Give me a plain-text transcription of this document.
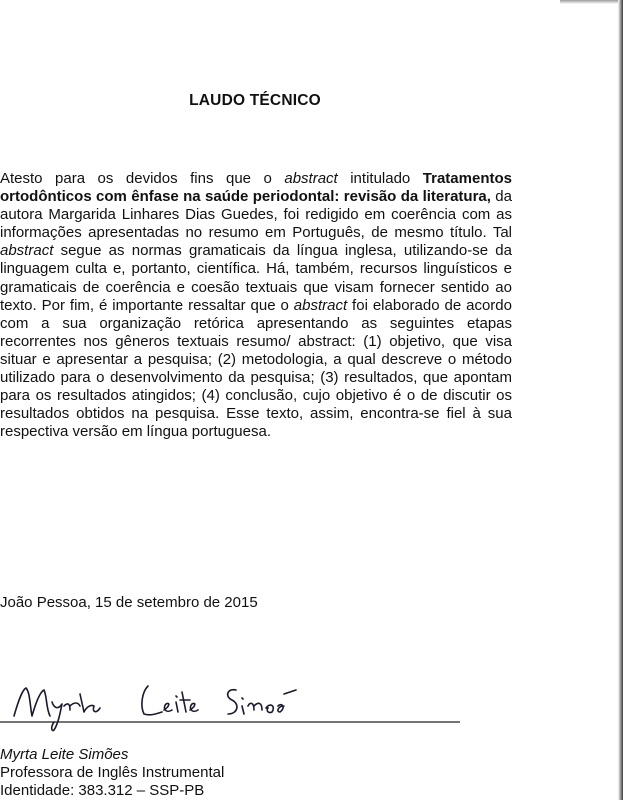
LAUDO TÉCNICO

Atesto para os devidos fins que o abstract intitulado Tratamentos ortodônticos com ênfase na saúde periodontal: revisão da literatura, da autora Margarida Linhares Dias Guedes, foi redigido em coerência com as informações apresentadas no resumo em Português, de mesmo título. Tal abstract segue as normas gramaticais da língua inglesa, utilizando-se da linguagem culta e, portanto, científica. Há, também, recursos linguísticos e gramaticais de coerência e coesão textuais que visam fornecer sentido ao texto. Por fim, é importante ressaltar que o abstract foi elaborado de acordo com a sua organização retórica apresentando as seguintes etapas recorrentes nos gêneros textuais resumo/ abstract: (1) objetivo, que visa situar e apresentar a pesquisa; (2) metodologia, a qual descreve o método utilizado para o desenvolvimento da pesquisa; (3) resultados, que apontam para os resultados atingidos; (4) conclusão, cujo objetivo é o de discutir os resultados obtidos na pesquisa. Esse texto, assim, encontra-se fiel à sua respectiva versão em língua portuguesa.

João Pessoa, 15 de setembro de 2015
Myrta Leite Simões
Professora de Inglês Instrumental
Identidade: 383.312 – SSP-PB
